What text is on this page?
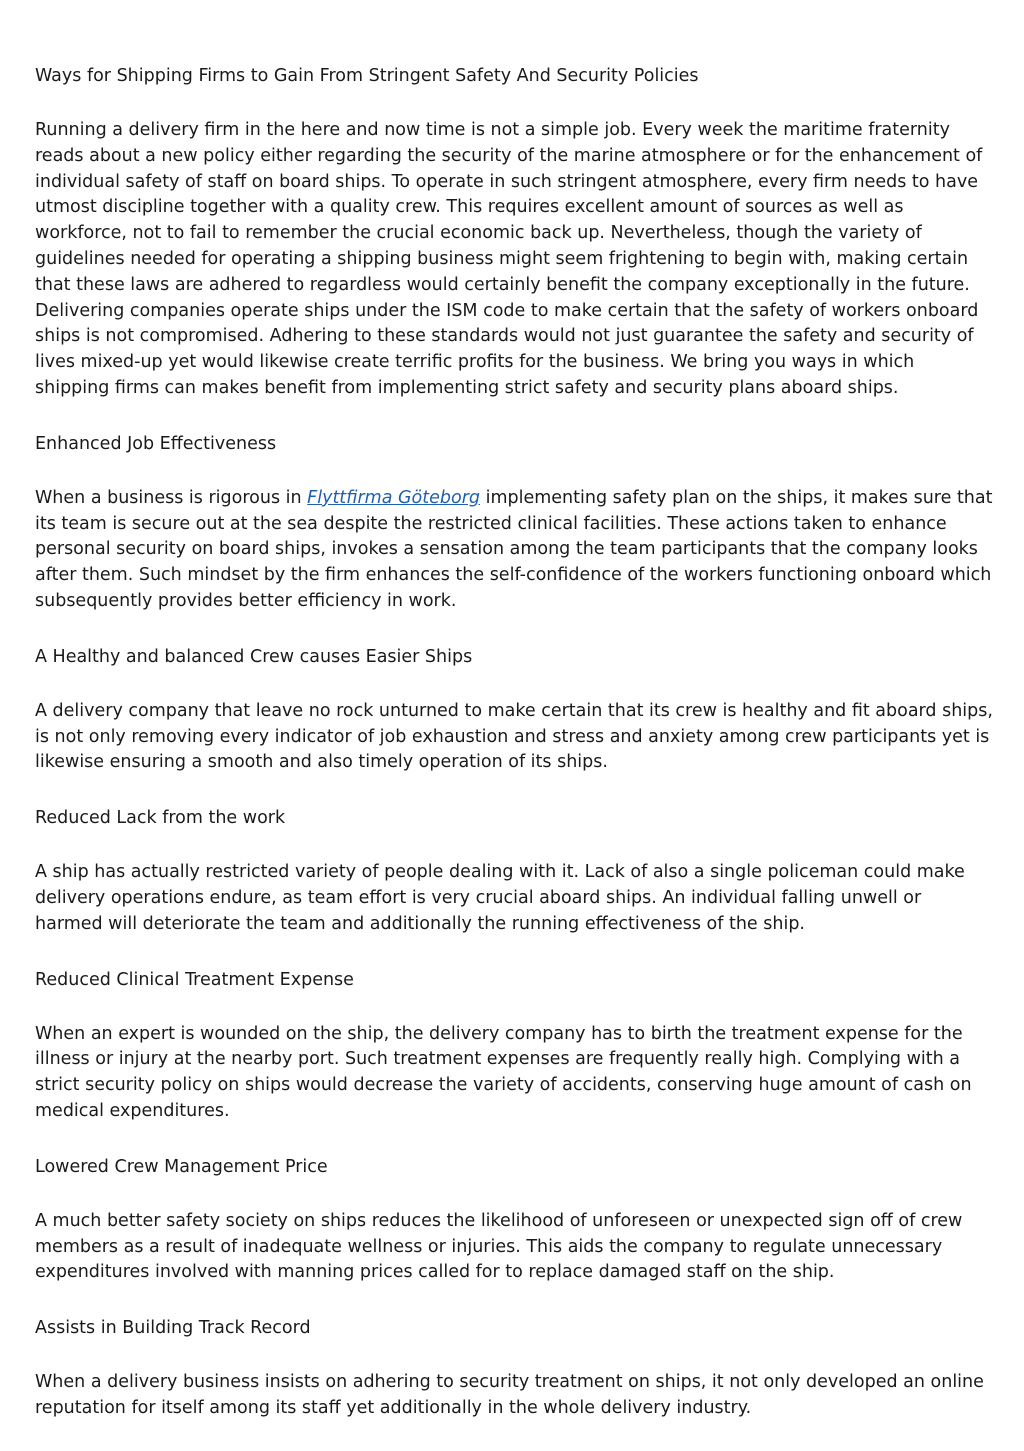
Ways for Shipping Firms to Gain From Stringent Safety And Security Policies

Running a delivery firm in the here and now time is not a simple job. Every week the maritime fraternity reads about a new policy either regarding the security of the marine atmosphere or for the enhancement of individual safety of staff on board ships. To operate in such stringent atmosphere, every firm needs to have utmost discipline together with a quality crew. This requires excellent amount of sources as well as workforce, not to fail to remember the crucial economic back up. Nevertheless, though the variety of guidelines needed for operating a shipping business might seem frightening to begin with, making certain that these laws are adhered to regardless would certainly benefit the company exceptionally in the future. Delivering companies operate ships under the ISM code to make certain that the safety of workers onboard ships is not compromised. Adhering to these standards would not just guarantee the safety and security of lives mixed-up yet would likewise create terrific profits for the business. We bring you ways in which shipping firms can makes benefit from implementing strict safety and security plans aboard ships.

Enhanced Job Effectiveness

When a business is rigorous in Flyttfirma Göteborg implementing safety plan on the ships, it makes sure that its team is secure out at the sea despite the restricted clinical facilities. These actions taken to enhance personal security on board ships, invokes a sensation among the team participants that the company looks after them. Such mindset by the firm enhances the self-confidence of the workers functioning onboard which subsequently provides better efficiency in work.

A Healthy and balanced Crew causes Easier Ships

A delivery company that leave no rock unturned to make certain that its crew is healthy and fit aboard ships, is not only removing every indicator of job exhaustion and stress and anxiety among crew participants yet is likewise ensuring a smooth and also timely operation of its ships.

Reduced Lack from the work

A ship has actually restricted variety of people dealing with it. Lack of also a single policeman could make delivery operations endure, as team effort is very crucial aboard ships. An individual falling unwell or harmed will deteriorate the team and additionally the running effectiveness of the ship.

Reduced Clinical Treatment Expense

When an expert is wounded on the ship, the delivery company has to birth the treatment expense for the illness or injury at the nearby port. Such treatment expenses are frequently really high. Complying with a strict security policy on ships would decrease the variety of accidents, conserving huge amount of cash on medical expenditures.

Lowered Crew Management Price

A much better safety society on ships reduces the likelihood of unforeseen or unexpected sign off of crew members as a result of inadequate wellness or injuries. This aids the company to regulate unnecessary expenditures involved with manning prices called for to replace damaged staff on the ship.

Assists in Building Track Record

When a delivery business insists on adhering to security treatment on ships, it not only developed an online reputation for itself among its staff yet additionally in the whole delivery industry.
